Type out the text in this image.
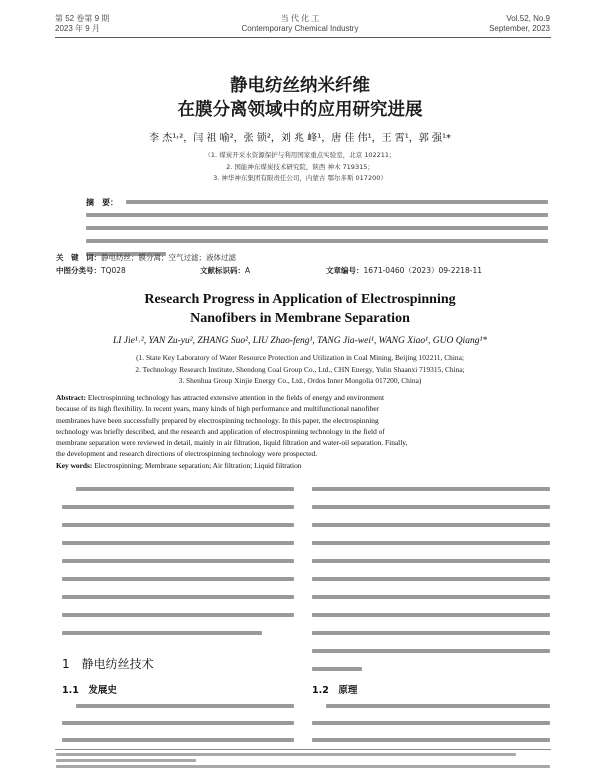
第 52 卷第 9 期
2023 年 9 月
当 代 化 工
Contemporary Chemical Industry
Vol.52, No.9
September, 2023
静电纺丝纳米纤维
在膜分离领域中的应用研究进展
李 杰¹˒²，闫 祖 喻²，张 锁²，刘 兆 峰¹，唐 佳 伟¹，王 霄¹，郭 强¹*
（1. 煤炭开采水资源保护与利用国家重点实验室，北京 102211；
2. 国能神东煤炭技术研究院，陕西 神木 719315；
3. 神华神东集团有限责任公司，内蒙古 鄂尔多斯 017200）
摘　要：
关　键　词：静电纺丝；膜分离；空气过滤；液体过滤
中图分类号：TQ028	文献标识码：A	文章编号：1671-0460（2023）09-2218-11
Research Progress in Application of Electrospinning
Nanofibers in Membrane Separation
LI Jie¹˒², YAN Zu-yu², ZHANG Suo², LIU Zhao-feng¹, TANG Jia-wei¹, WANG Xiao¹, GUO Qiang¹*
(1. State Key Laboratory of Water Resource Protection and Utilization in Coal Mining, Beijing 102211, China;
2. Technology Research Institute, Shendong Coal Group Co., Ltd., CHN Energy, Yulin Shaanxi 719315, China;
3. Shenhua Group Xinjie Energy Co., Ltd., Ordos Inner Mongolia 017200, China)
Abstract: Electrospinning technology has attracted extensive attention in the fields of energy and environment
because of its high flexibility. In recent years, many kinds of high performance and multifunctional nanofiber
membranes have been successfully prepared by electrospinning technology. In this paper, the electrospinning
technology was briefly described, and the research and application of electrospinning technology in the field of
membrane separation were reviewed in detail, mainly in air filtration, liquid filtration and water-oil separation. Finally,
the development and research directions of electrospinning technology were prospected.
Key words: Electrospinning; Membrane separation; Air filtration; Liquid filtration
1　静电纺丝技术
1.1　发展史	1.2　原理
